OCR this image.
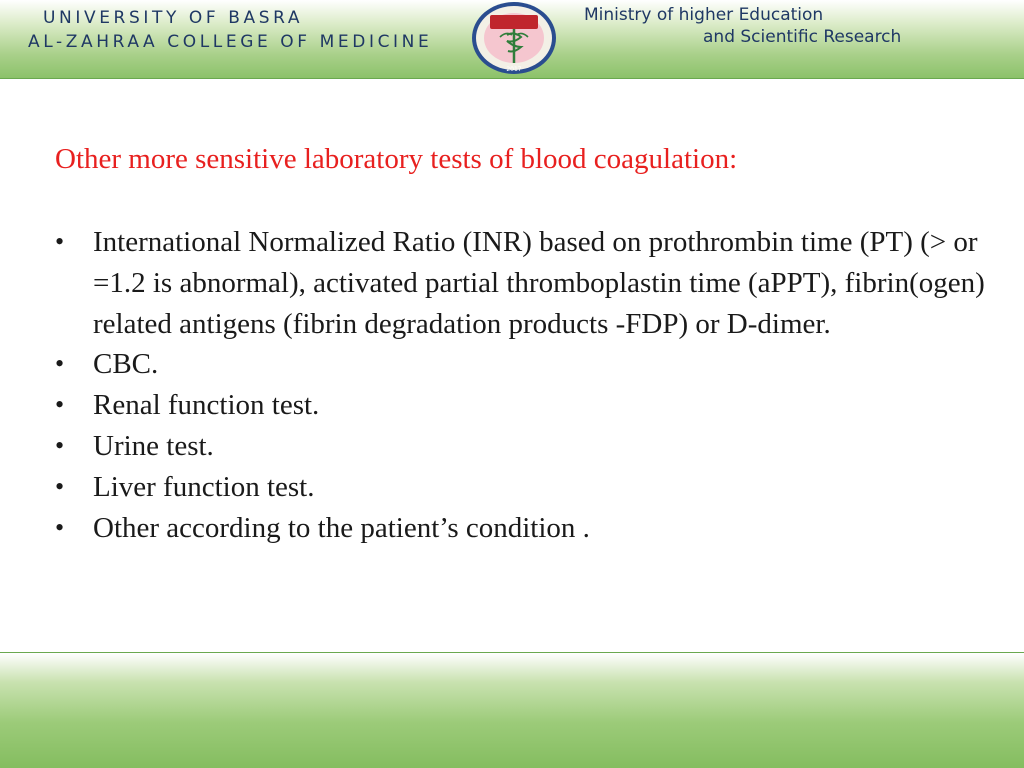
UNIVERSITY OF BASRA
AL-ZAHRAA COLLEGE OF MEDICINE
2017
Ministry of higher Education
and Scientific Research

Other more sensitive laboratory tests of blood coagulation:

• International Normalized Ratio (INR) based on prothrombin time (PT) (> or =1.2 is abnormal), activated partial thromboplastin time (aPPT), fibrin(ogen) related antigens (fibrin degradation products -FDP) or D-dimer.
• CBC.
• Renal function test.
• Urine test.
• Liver function test.
• Other according to the patient’s condition .
